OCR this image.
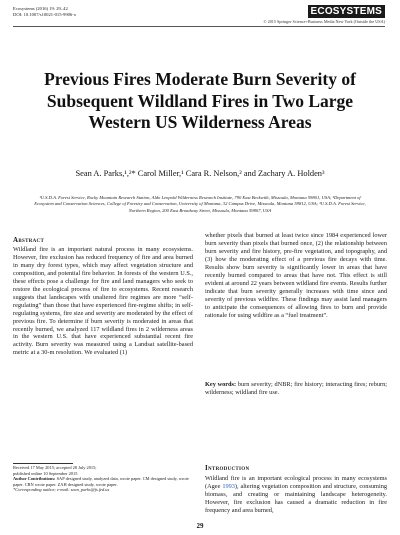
Ecosystems (2016) 19: 29–42
DOI: 10.1007/s10021-015-9906-x	ECOSYSTEMS
© 2015 Springer Science+Business Media New York (Outside the USA)
Previous Fires Moderate Burn Severity of Subsequent Wildland Fires in Two Large Western US Wilderness Areas
Sean A. Parks,¹,²* Carol Miller,¹ Cara R. Nelson,² and Zachary A. Holden³
¹U.S.D.A. Forest Service, Rocky Mountain Research Station, Aldo Leopold Wilderness Research Institute, 790 East Beckwith, Missoula, Montana 59801, USA; ²Department of Ecosystem and Conservation Sciences, College of Forestry and Conservation, University of Montana, 32 Campus Drive, Missoula, Montana 59812, USA; ³U.S.D.A. Forest Service, Northern Region, 200 East Broadway Street, Missoula, Montana 59807, USA
Abstract
Wildland fire is an important natural process in many ecosystems. However, fire exclusion has reduced frequency of fire and area burned in many dry forest types, which may affect vegetation structure and composition, and potential fire behavior. In forests of the western U.S., these effects pose a challenge for fire and land managers who seek to restore the ecological process of fire to ecosystems. Recent research suggests that landscapes with unaltered fire regimes are more “self-regulating” than those that have experienced fire-regime shifts; in self-regulating systems, fire size and severity are moderated by the effect of previous fire. To determine if burn severity is moderated in areas that recently burned, we analyzed 117 wildland fires in 2 wilderness areas in the western U.S. that have experienced substantial recent fire activity. Burn severity was measured using a Landsat satellite-based metric at a 30-m resolution. We evaluated (1)
whether pixels that burned at least twice since 1984 experienced lower burn severity than pixels that burned once, (2) the relationship between burn severity and fire history, pre-fire vegetation, and topography, and (3) how the moderating effect of a previous fire decays with time. Results show burn severity is significantly lower in areas that have recently burned compared to areas that have not. This effect is still evident at around 22 years between wildland fire events. Results further indicate that burn severity generally increases with time since and severity of previous wildfire. These findings may assist land managers to anticipate the consequences of allowing fires to burn and provide rationale for using wildfire as a “fuel treatment”.
Key words: burn severity; dNBR; fire history; interacting fires; reburn; wilderness; wildland fire use.
Received 17 May 2015; accepted 28 July 2015;
published online 10 September 2015
Author Contributions: SAP designed study, analyzed data, wrote paper. CM designed study, wrote paper. CRN wrote paper. ZAH designed study, wrote paper.
*Corresponding author; e-mail: sean_parks@fs.fed.us
Introduction
Wildland fire is an important ecological process in many ecosystems (Agee 1993), altering vegetation composition and structure, consuming biomass, and creating or maintaining landscape heterogeneity. However, fire exclusion has caused a dramatic reduction in fire frequency and area burned,
29
